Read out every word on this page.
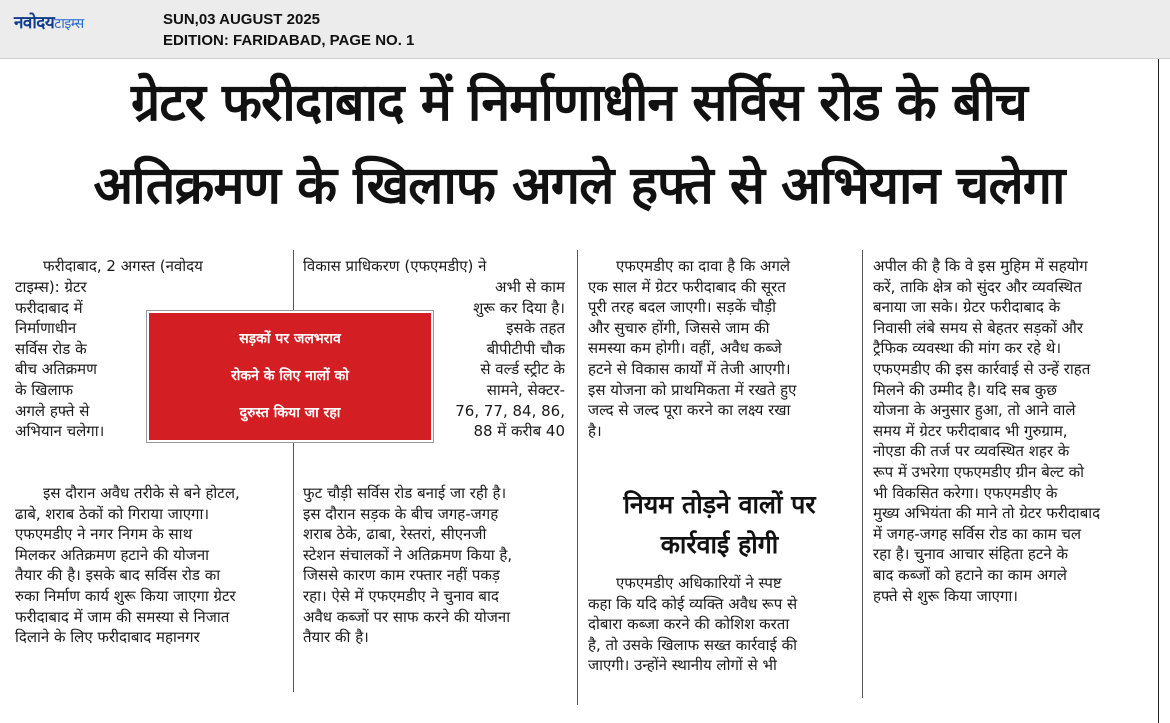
नवोदयटाइम्स	SUN,03 AUGUST 2025
EDITION: FARIDABAD, PAGE NO. 1
ग्रेटर फरीदाबाद में निर्माणाधीन सर्विस रोड के बीच
अतिक्रमण के खिलाफ अगले हफ्ते से अभियान चलेगा
फरीदाबाद, 2 अगस्त (नवोदय
टाइम्स): ग्रेटर
फरीदाबाद में
निर्माणाधीन
सर्विस रोड के
बीच अतिक्रमण
के खिलाफ
अगले हफ्ते से
अभियान चलेगा।
इस दौरान अवैध तरीके से बने होटल,
ढाबे, शराब ठेकों को गिराया जाएगा।
एफएमडीए ने नगर निगम के साथ
मिलकर अतिक्रमण हटाने की योजना
तैयार की है। इसके बाद सर्विस रोड का
रुका निर्माण कार्य शुरू किया जाएगा ग्रेटर
फरीदाबाद में जाम की समस्या से निजात
दिलाने के लिए फरीदाबाद महानगर
सड़कों पर जलभराव
रोकने के लिए नालों को
दुरुस्त किया जा रहा
विकास प्राधिकरण (एफएमडीए) ने
अभी से काम
शुरू कर दिया है।
इसके तहत
बीपीटीपी चौक
से वर्ल्ड स्ट्रीट के
सामने, सेक्टर-
76, 77, 84, 86,
88 में करीब 40
फुट चौड़ी सर्विस रोड बनाई जा रही है।
इस दौरान सड़क के बीच जगह-जगह
शराब ठेके, ढाबा, रेस्तरां, सीएनजी
स्टेशन संचालकों ने अतिक्रमण किया है,
जिससे कारण काम रफ्तार नहीं पकड़
रहा। ऐसे में एफएमडीए ने चुनाव बाद
अवैध कब्जों पर साफ करने की योजना
तैयार की है।
एफएमडीए का दावा है कि अगले
एक साल में ग्रेटर फरीदाबाद की सूरत
पूरी तरह बदल जाएगी। सड़कें चौड़ी
और सुचारु होंगी, जिससे जाम की
समस्या कम होगी। वहीं, अवैध कब्जे
हटने से विकास कार्यों में तेजी आएगी।
इस योजना को प्राथमिकता में रखते हुए
जल्द से जल्द पूरा करने का लक्ष्य रखा
है।
नियम तोड़ने वालों पर
कार्रवाई होगी
एफएमडीए अधिकारियों ने स्पष्ट
कहा कि यदि कोई व्यक्ति अवैध रूप से
दोबारा कब्जा करने की कोशिश करता
है, तो उसके खिलाफ सख्त कार्रवाई की
जाएगी। उन्होंने स्थानीय लोगों से भी
अपील की है कि वे इस मुहिम में सहयोग
करें, ताकि क्षेत्र को सुंदर और व्यवस्थित
बनाया जा सके। ग्रेटर फरीदाबाद के
निवासी लंबे समय से बेहतर सड़कों और
ट्रैफिक व्यवस्था की मांग कर रहे थे।
एफएमडीए की इस कार्रवाई से उन्हें राहत
मिलने की उम्मीद है। यदि सब कुछ
योजना के अनुसार हुआ, तो आने वाले
समय में ग्रेटर फरीदाबाद भी गुरुग्राम,
नोएडा की तर्ज पर व्यवस्थित शहर के
रूप में उभरेगा एफएमडीए ग्रीन बेल्ट को
भी विकसित करेगा। एफएमडीए के
मुख्य अभियंता की माने तो ग्रेटर फरीदाबाद
में जगह-जगह सर्विस रोड का काम चल
रहा है। चुनाव आचार संहिता हटने के
बाद कब्जों को हटाने का काम अगले
हफ्ते से शुरू किया जाएगा।
